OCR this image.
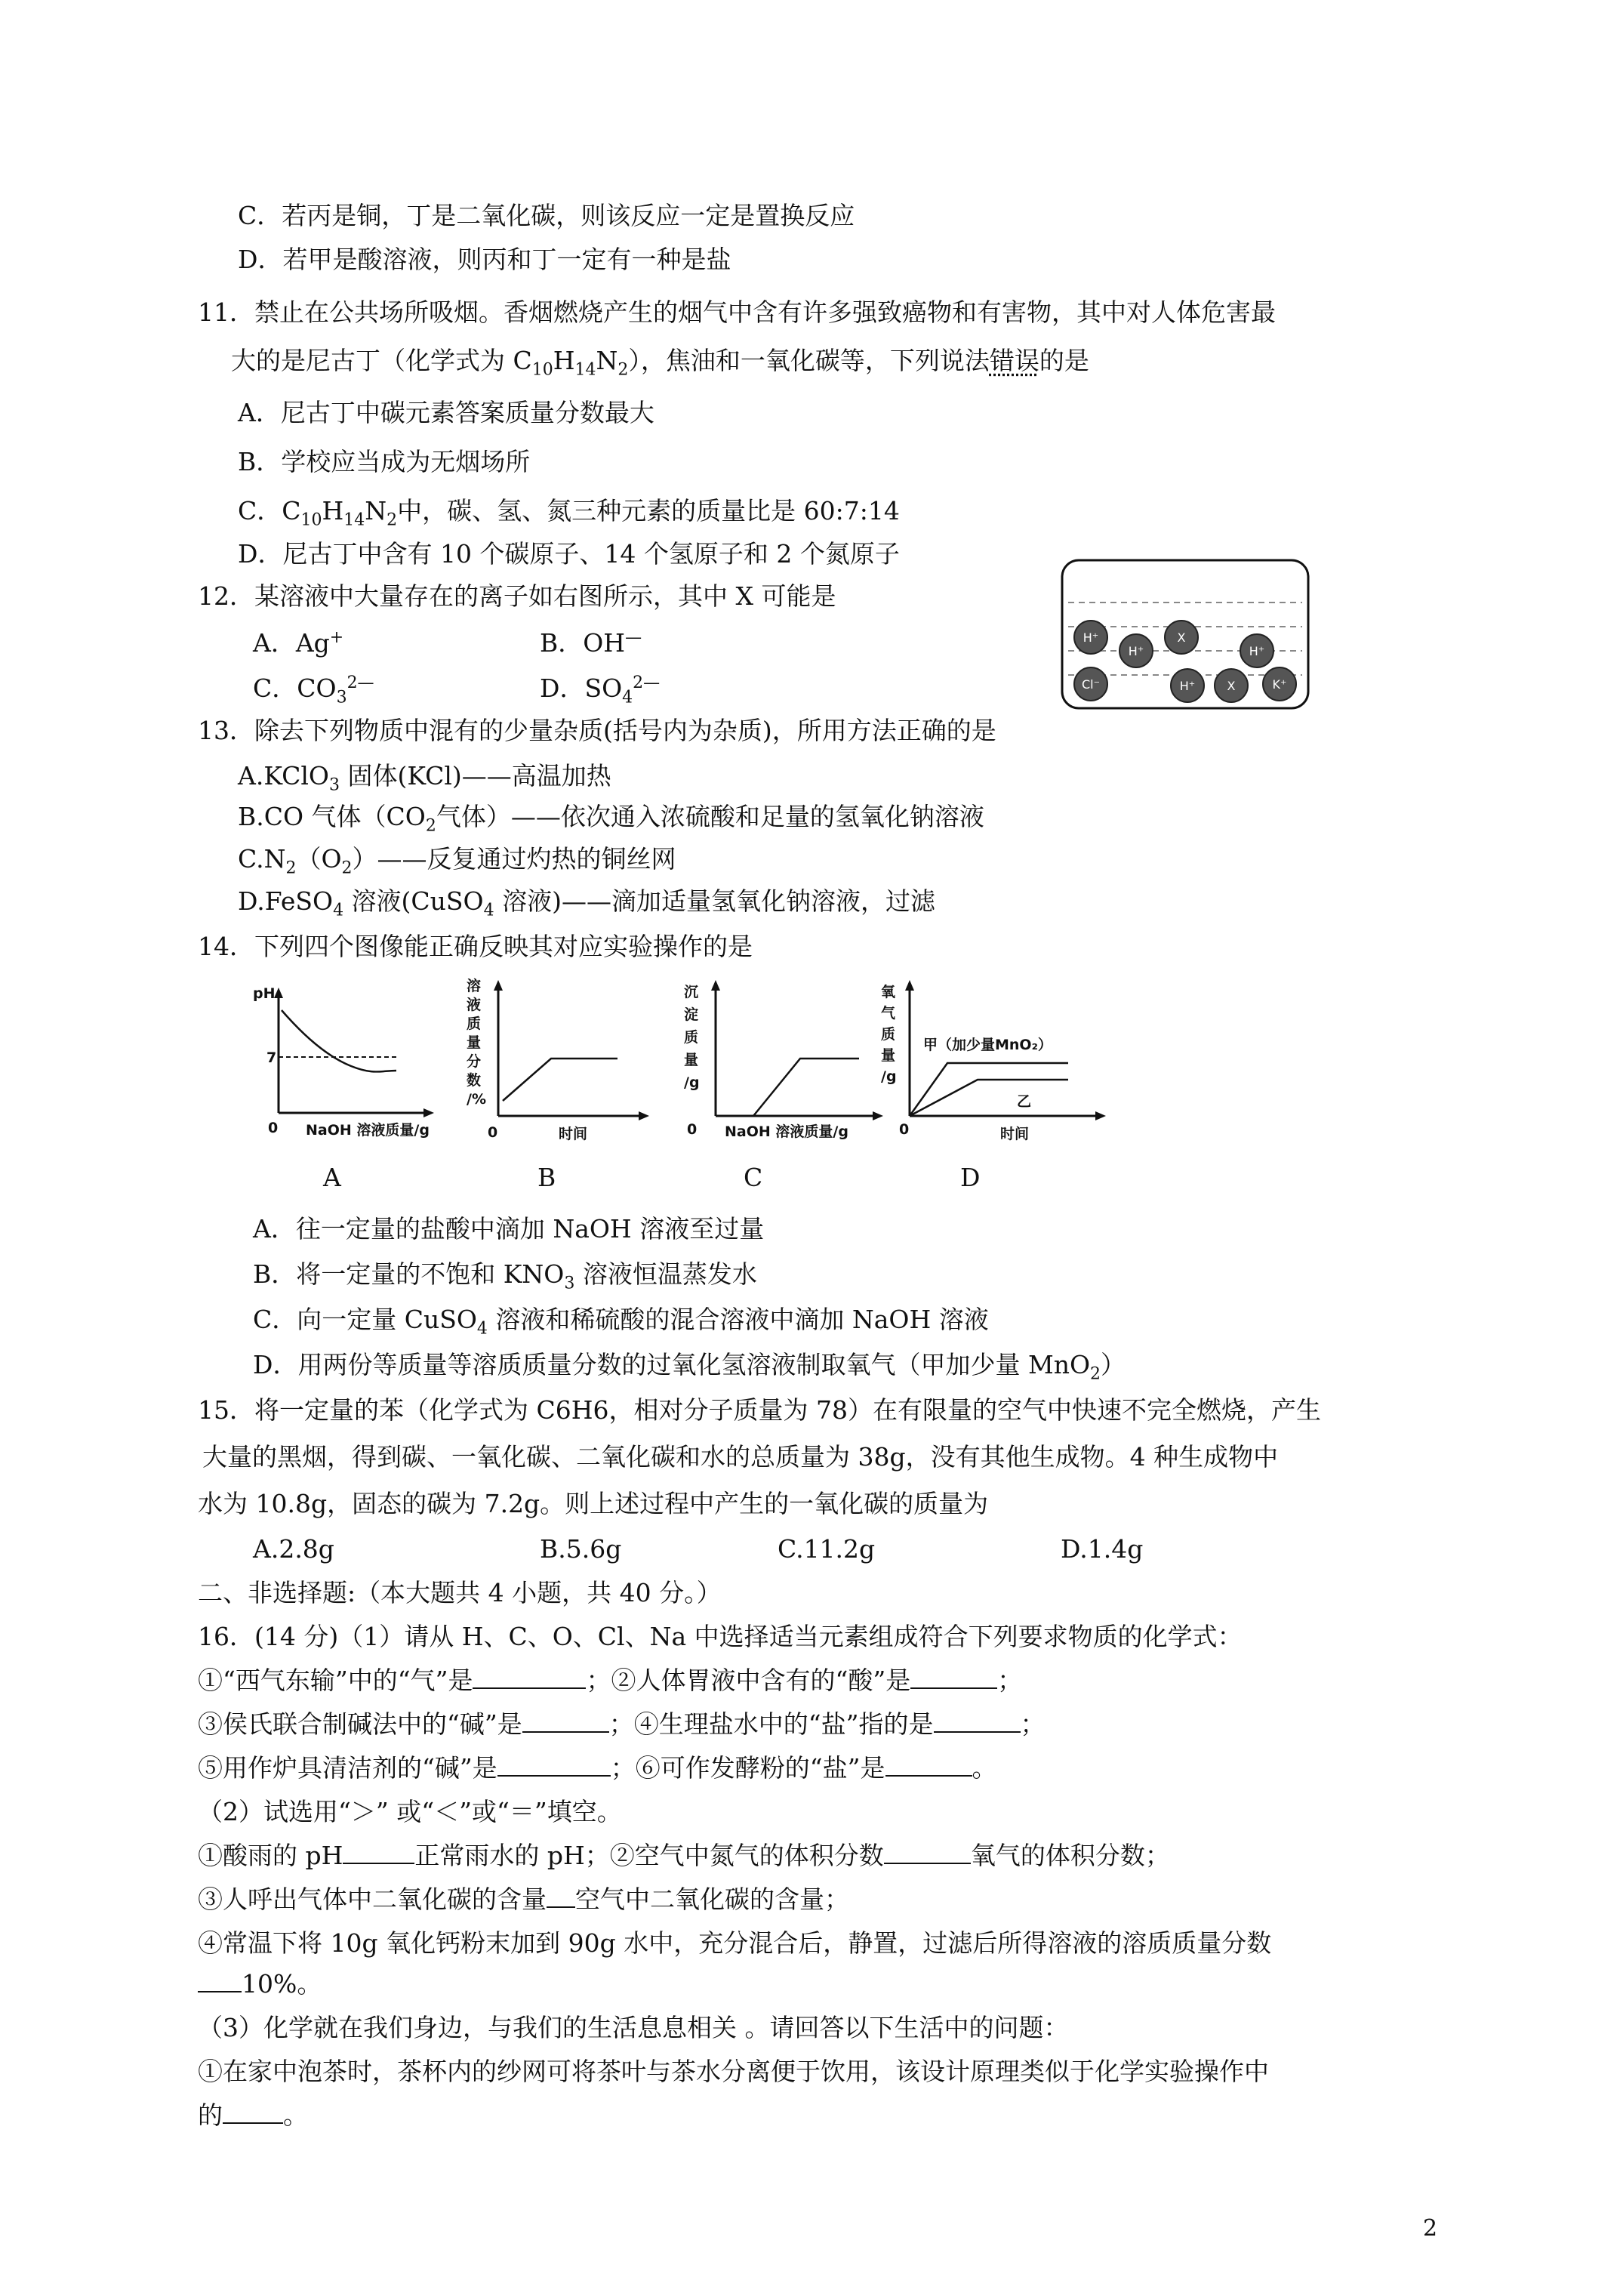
C．若丙是铜，丁是二氧化碳，则该反应一定是置换反应
D．若甲是酸溶液，则丙和丁一定有一种是盐
11．禁止在公共场所吸烟。香烟燃烧产生的烟气中含有许多强致癌物和有害物，其中对人体危害最
大的是尼古丁（化学式为 $C_{10}H_{14}N_2$），焦油和一氧化碳等，下列说法错误的是
A．尼古丁中碳元素答案质量分数最大
B．学校应当成为无烟场所
C．$C_{10}H_{14}N_2$中，碳、氢、氮三种元素的质量比是 60:7:14
D．尼古丁中含有 10 个碳原子、14 个氢原子和 2 个氮原子
12．某溶液中大量存在的离子如右图所示，其中 X 可能是
A．Ag+	B．OH—
C．$CO_3^{2—}$	D．$SO_4^{2—}$
H⁺
H⁺
X
H⁺
Cl⁻	H⁺	X	K⁺
13．除去下列物质中混有的少量杂质(括号内为杂质)，所用方法正确的是
A.KClO$_3$ 固体(KCl)——高温加热
B.CO 气体（$CO_2$气体）——依次通入浓硫酸和足量的氢氧化钠溶液
$C.N_2(O_2)——$反复通过灼热的铜丝网
D.FeSO$_4$ 溶液(CuSO$_4$ 溶液)——滴加适量氢氧化钠溶液，过滤
14．下列四个图像能正确反映其对应实验操作的是
pH
7
0 NaOH 溶液质量/g
A
溶
液
质
量
分
数
/%
0	时间
B
沉
淀
质
量
/g
0 NaOH 溶液质量/g
C
氧
气
质
量
/g
甲（加少量MnO₂）
乙
0	时间
D
A．往一定量的盐酸中滴加 NaOH 溶液至过量
B．将一定量的不饱和 $KNO_3$ 溶液恒温蒸发水
C．向一定量 CuSO$_4$ 溶液和稀硫酸的混合溶液中滴加 NaOH 溶液
D．用两份等质量等溶质质量分数的过氧化氢溶液制取氧气（甲加少量 MnO$_2$）
15．将一定量的苯（化学式为 C6H6，相对分子质量为 78）在有限量的空气中快速不完全燃烧，产生
大量的黑烟，得到碳、一氧化碳、二氧化碳和水的总质量为 38g，没有其他生成物。4 种生成物中
水为 10.8g，固态的碳为 7.2g。则上述过程中产生的一氧化碳的质量为
A.2.8g	B.5.6g	C.11.2g	D.1.4g
二、非选择题:（本大题共 4 小题，共 40 分。）
16．(14 分)（1）请从 H、C、O、Cl、Na 中选择适当元素组成符合下列要求物质的化学式：
①“西气东输”中的“气”是	；②人体胃液中含有的“酸”是	；
③侯氏联合制碱法中的“碱”是	；④生理盐水中的“盐”指的是	；
⑤用作炉具清洁剂的“碱”是	；⑥可作发酵粉的“盐”是	。
（2）试选用“＞” 或“＜”或“＝”填空。
①酸雨的 pH	正常雨水的 pH；②空气中氮气的体积分数	氧气的体积分数；
③人呼出气体中二氧化碳的含量 空气中二氧化碳的含量；
④常温下将 10g 氧化钙粉末加到 90g 水中，充分混合后，静置，过滤后所得溶液的溶质质量分数
10%。
（3）化学就在我们身边，与我们的生活息息相关 。请回答以下生活中的问题：
①在家中泡茶时，茶杯内的纱网可将茶叶与茶水分离便于饮用，该设计原理类似于化学实验操作中
的 。
2
